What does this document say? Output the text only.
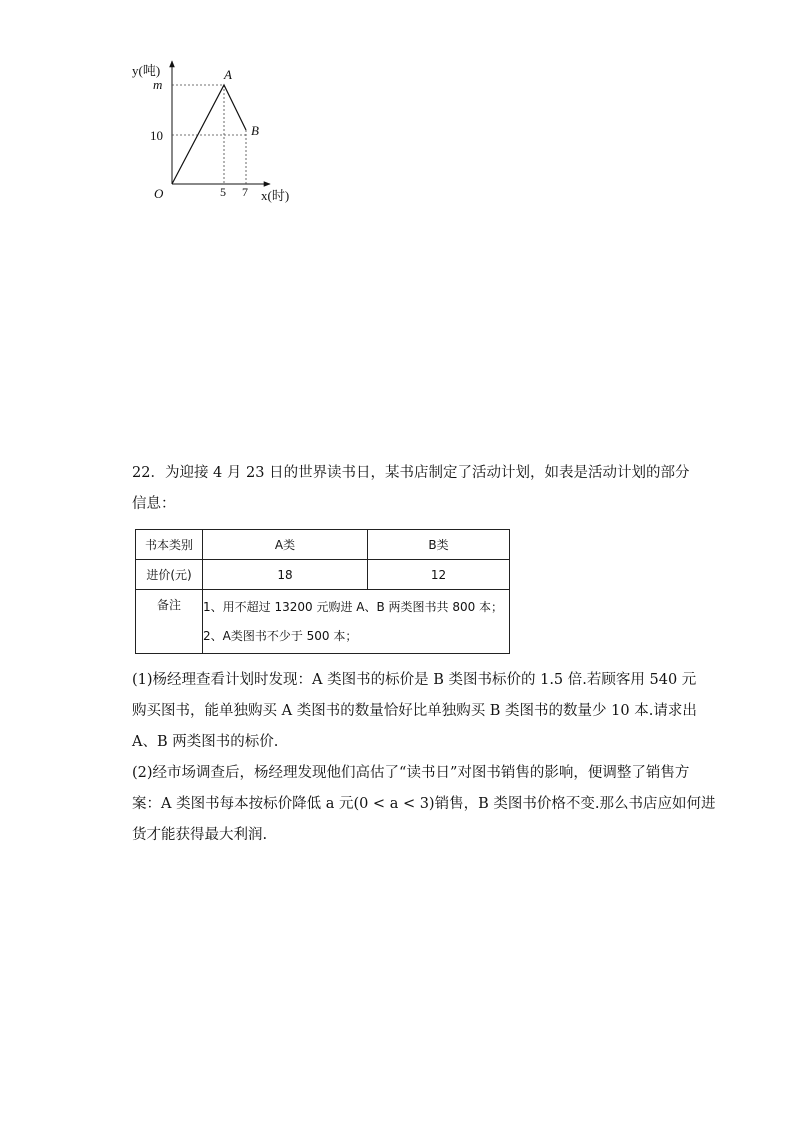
y(吨)
m
10
O
A
B
5 7 x(时)
22．为迎接 4 月 23 日的世界读书日，某书店制定了活动计划，如表是活动计划的部分
信息：
书本类别	A类	B类
进价(元)	18	12
备注	1、用不超过 13200 元购进 A、B 两类图书共 800 本；
2、A类图书不少于 500 本；	
(1)杨经理查看计划时发现：A 类图书的标价是 B 类图书标价的 1.5 倍.若顾客用 540 元
购买图书，能单独购买 A 类图书的数量恰好比单独购买 B 类图书的数量少 10 本.请求出
A、B 两类图书的标价.
(2)经市场调查后，杨经理发现他们高估了“读书日”对图书销售的影响，便调整了销售方
案：A 类图书每本按标价降低 a 元(0 < a < 3)销售，B 类图书价格不变.那么书店应如何进
货才能获得最大利润.
